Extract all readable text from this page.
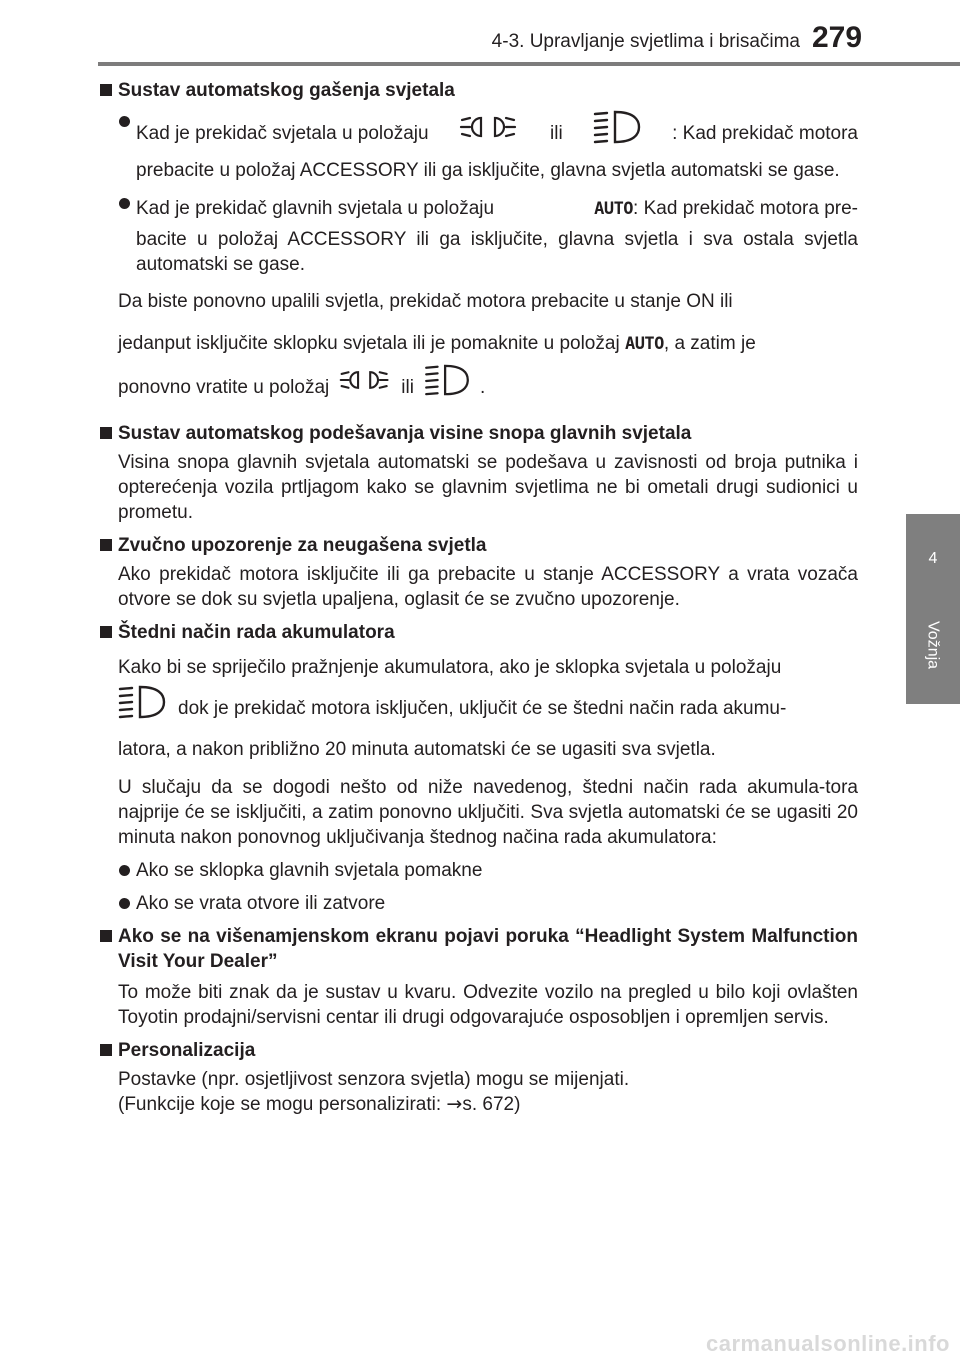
4-3. Upravljanje svjetlima i brisačima 279
4
Vožnja
Sustav automatskog gašenja svjetala
Kad je prekidač svjetala u položaju	ili	: Kad prekidač motora
prebacite u položaj ACCESSORY ili ga isključite, glavna svjetla automatski se gase.
Kad je prekidač glavnih svjetala u položaju	AUTO: Kad prekidač motora pre-
bacite u položaj ACCESSORY ili ga isključite, glavna svjetla i sva ostala svjetla automatski se gase.
Da biste ponovno upalili svjetla, prekidač motora prebacite u stanje ON ili
jedanput isključite sklopku svjetala ili je pomaknite u položaj AUTO, a zatim je
ponovno vratite u položaj	ili	.
Sustav automatskog podešavanja visine snopa glavnih svjetala
Visina snopa glavnih svjetala automatski se podešava u zavisnosti od broja putnika i opterećenja vozila prtljagom kako se glavnim svjetlima ne bi ometali drugi sudionici u prometu.
Zvučno upozorenje za neugašena svjetla
Ako prekidač motora isključite ili ga prebacite u stanje ACCESSORY a vrata vozača otvore se dok su svjetla upaljena, oglasit će se zvučno upozorenje.
Štedni način rada akumulatora
Kako bi se spriječilo pražnjenje akumulatora, ako je sklopka svjetala u položaju
dok je prekidač motora isključen, uključit će se štedni način rada akumu-
latora, a nakon približno 20 minuta automatski će se ugasiti sva svjetla.
U slučaju da se dogodi nešto od niže navedenog, štedni način rada akumula-tora najprije će se isključiti, a zatim ponovno uključiti. Sva svjetla automatski će se ugasiti 20 minuta nakon ponovnog uključivanja štednog načina rada akumulatora:
Ako se sklopka glavnih svjetala pomakne
Ako se vrata otvore ili zatvore
Ako se na višenamjenskom ekranu pojavi poruka “Headlight System Malfunction Visit Your Dealer”
To može biti znak da je sustav u kvaru. Odvezite vozilo na pregled u bilo koji ovlašten Toyotin prodajni/servisni centar ili drugi odgovarajuće osposobljen i opremljen servis.
Personalizacija
Postavke (npr. osjetljivost senzora svjetla) mogu se mijenjati.
(Funkcije koje se mogu personalizirati: →s. 672)
carmanualsonline.info
